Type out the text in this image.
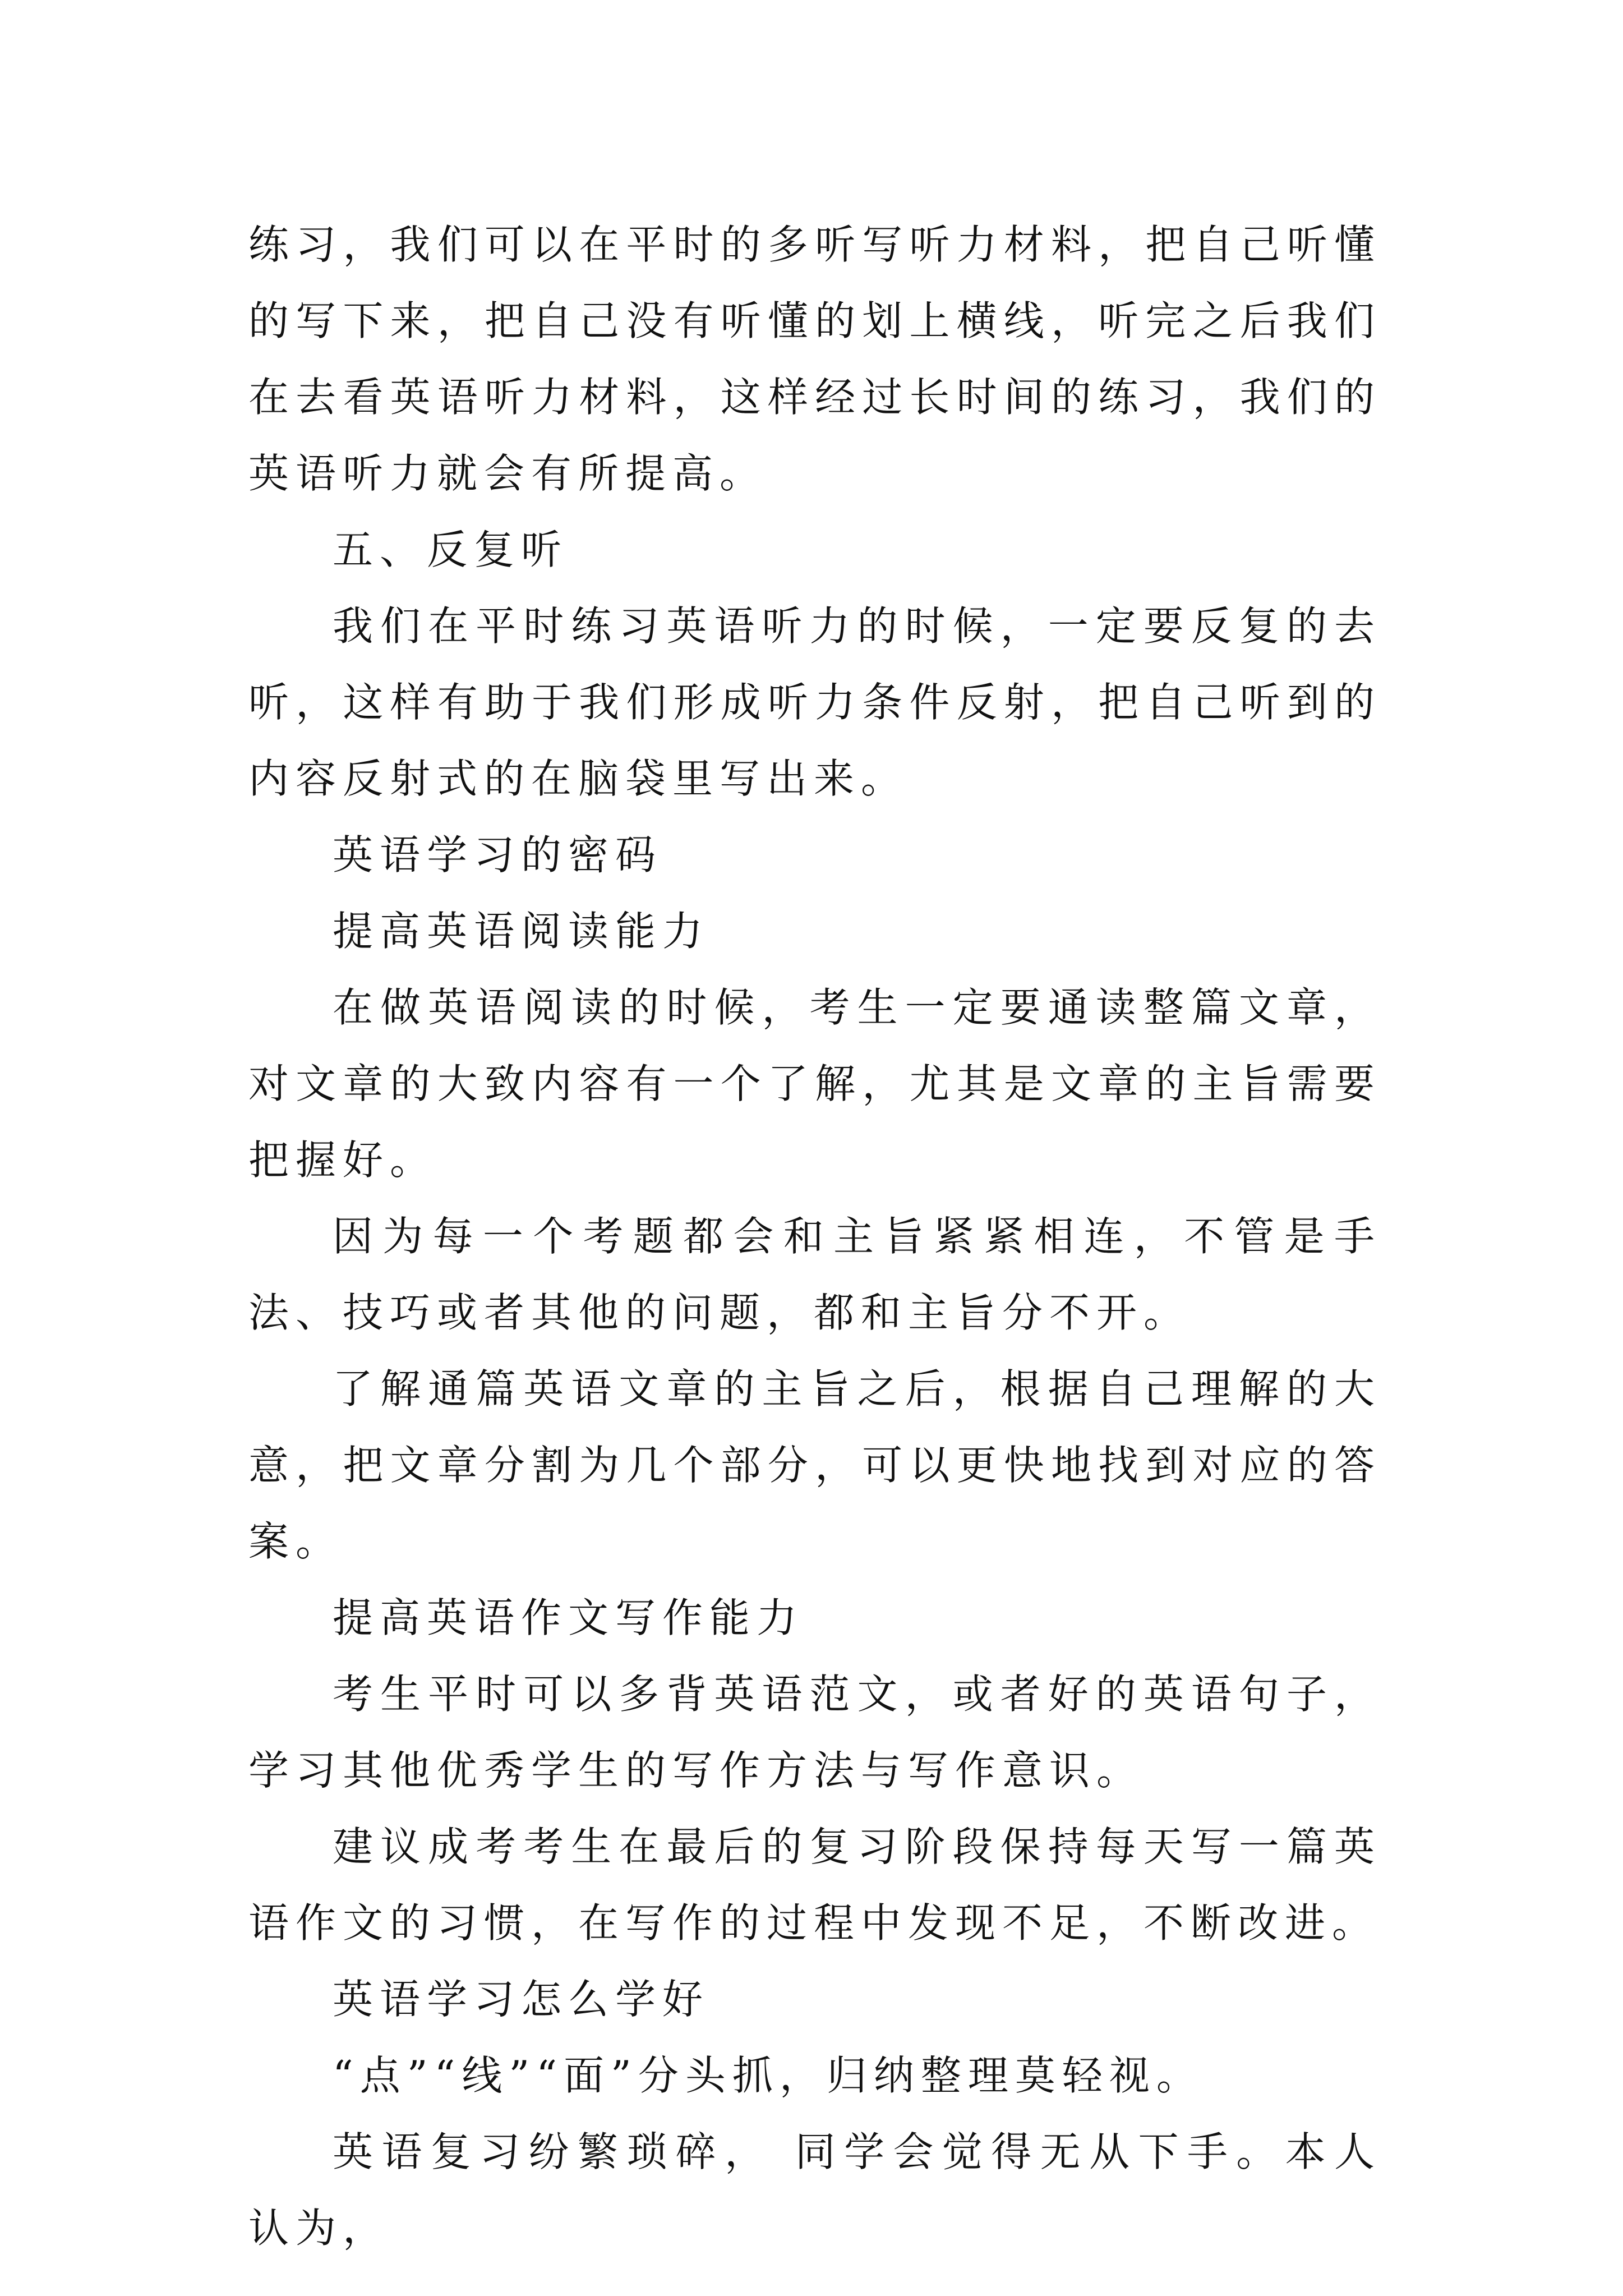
练习，我们可以在平时的多听写听力材料，把自己听懂的写下来，把自己没有听懂的划上横线，听完之后我们在去看英语听力材料，这样经过长时间的练习，我们的英语听力就会有所提高。

五、反复听

我们在平时练习英语听力的时候，一定要反复的去听，这样有助于我们形成听力条件反射，把自己听到的内容反射式的在脑袋里写出来。

英语学习的密码

提高英语阅读能力

在做英语阅读的时候，考生一定要通读整篇文章，对文章的大致内容有一个了解，尤其是文章的主旨需要把握好。

因为每一个考题都会和主旨紧紧相连，不管是手法、技巧或者其他的问题，都和主旨分不开。

了解通篇英语文章的主旨之后，根据自己理解的大意，把文章分割为几个部分，可以更快地找到对应的答案。

提高英语作文写作能力

考生平时可以多背英语范文，或者好的英语句子，学习其他优秀学生的写作方法与写作意识。

建议成考考生在最后的复习阶段保持每天写一篇英语作文的习惯，在写作的过程中发现不足，不断改进。

英语学习怎么学好

“点”“线”“面”分头抓，归纳整理莫轻视。

英语复习纷繁琐碎， 同学会觉得无从下手。本人认为，
